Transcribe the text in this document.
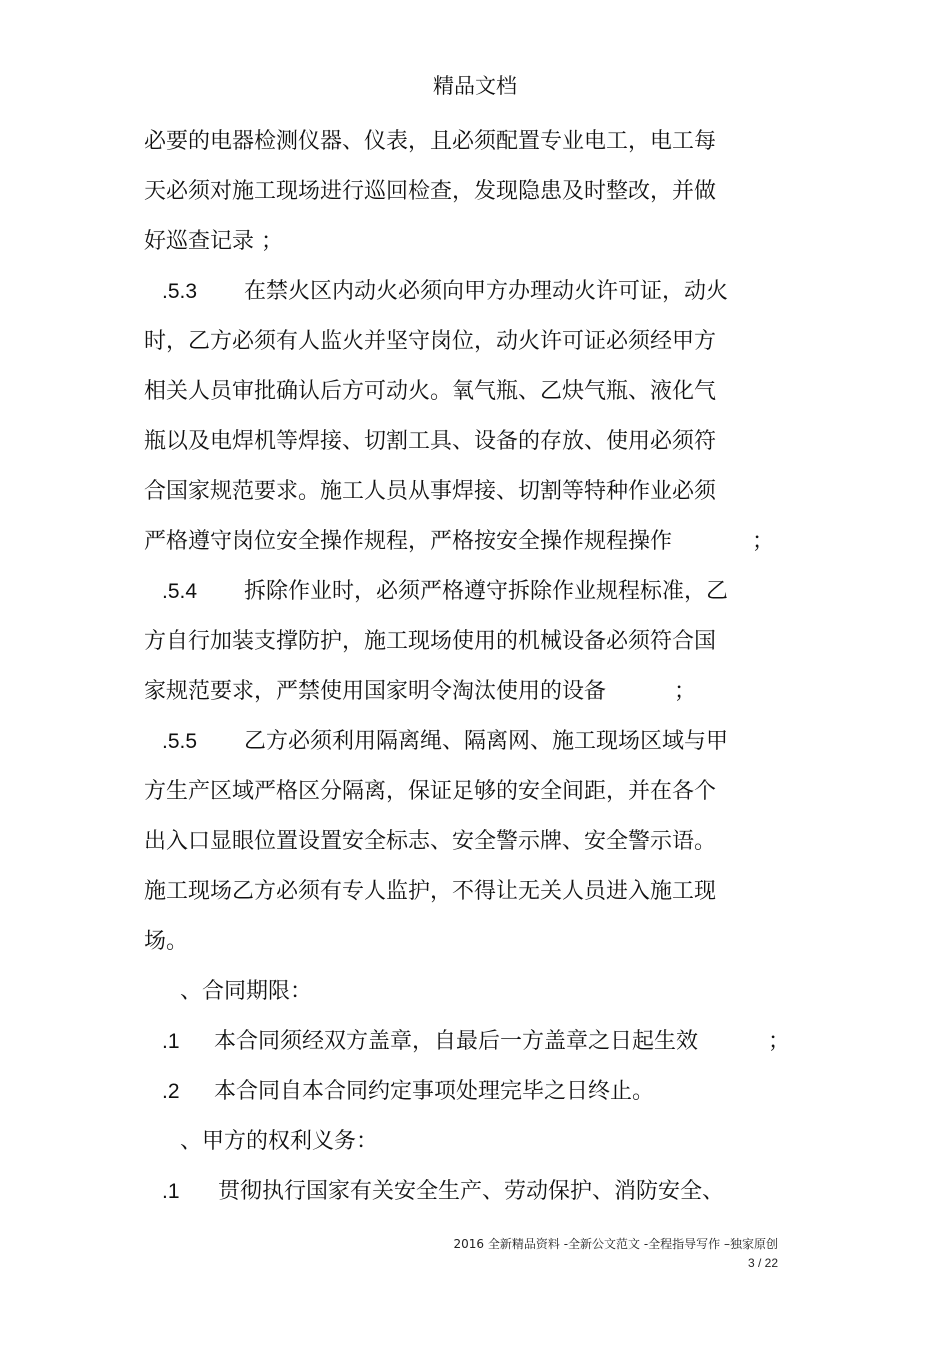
精品文档
必要的电器检测仪器、仪表，且必须配置专业电工，电工每
天必须对施工现场进行巡回检查，发现隐患及时整改，并做
好巡查记录 ；
.5.3 在禁火区内动火必须向甲方办理动火许可证，动火
时，乙方必须有人监火并坚守岗位，动火许可证必须经甲方
相关人员审批确认后方可动火。氧气瓶、乙炔气瓶、液化气
瓶以及电焊机等焊接、切割工具、设备的存放、使用必须符
合国家规范要求。施工人员从事焊接、切割等特种作业必须
严格遵守岗位安全操作规程，严格按安全操作规程操作	；
.5.4 拆除作业时，必须严格遵守拆除作业规程标准，乙
方自行加装支撑防护，施工现场使用的机械设备必须符合国
家规范要求，严禁使用国家明令淘汰使用的设备	；
.5.5 乙方必须利用隔离绳、隔离网、施工现场区域与甲
方生产区域严格区分隔离，保证足够的安全间距，并在各个
出入口显眼位置设置安全标志、安全警示牌、安全警示语。
施工现场乙方必须有专人监护，不得让无关人员进入施工现
场。
、合同期限：
.1 本合同须经双方盖章，自最后一方盖章之日起生效	；
.2 本合同自本合同约定事项处理完毕之日终止。
、甲方的权利义务：
.1 贯彻执行国家有关安全生产、劳动保护、消防安全、
2016 全新精品资料 -全新公文范文 -全程指导写作 –独家原创
3 / 22
